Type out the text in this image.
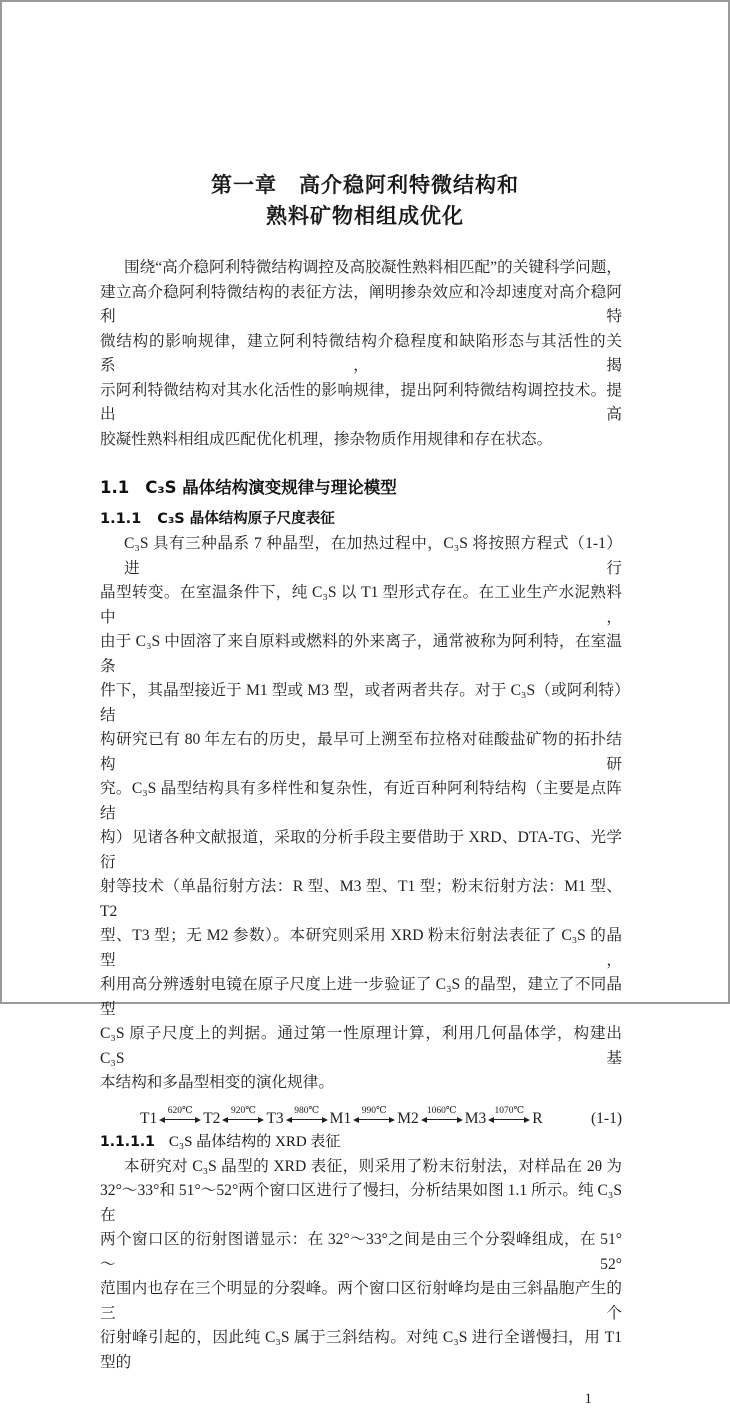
第一章　高介稳阿利特微结构和
熟料矿物相组成优化
围绕“高介稳阿利特微结构调控及高胶凝性熟料相匹配”的关键科学问题，
建立高介稳阿利特微结构的表征方法，阐明掺杂效应和冷却速度对高介稳阿利特
微结构的影响规律，建立阿利特微结构介稳程度和缺陷形态与其活性的关系，揭
示阿利特微结构对其水化活性的影响规律，提出阿利特微结构调控技术。提出高
胶凝性熟料相组成匹配优化机理，掺杂物质作用规律和存在状态。
1.1 C₃S 晶体结构演变规律与理论模型
1.1.1 C₃S 晶体结构原子尺度表征
C₃S 具有三种晶系 7 种晶型，在加热过程中，C₃S 将按照方程式（1-1）进行
晶型转变。在室温条件下，纯 C₃S 以 T1 型形式存在。在工业生产水泥熟料中，
由于 C₃S 中固溶了来自原料或燃料的外来离子，通常被称为阿利特，在室温条
件下，其晶型接近于 M1 型或 M3 型，或者两者共存。对于 C₃S（或阿利特）结
构研究已有 80 年左右的历史，最早可上溯至布拉格对硅酸盐矿物的拓扑结构研
究。C₃S 晶型结构具有多样性和复杂性，有近百种阿利特结构（主要是点阵结
构）见诸各种文献报道，采取的分析手段主要借助于 XRD、DTA-TG、光学衍
射等技术（单晶衍射方法：R 型、M3 型、T1 型；粉末衍射方法：M1 型、T2
型、T3 型；无 M2 参数）。本研究则采用 XRD 粉末衍射法表征了 C₃S 的晶型，
利用高分辨透射电镜在原子尺度上进一步验证了 C₃S 的晶型，建立了不同晶型
C₃S 原子尺度上的判据。通过第一性原理计算，利用几何晶体学，构建出 C₃S 基
本结构和多晶型相变的演化规律。
T1 620℃ T2 920℃ T3 980℃ M1 990℃ M2 1060℃ M3 1070℃ R	(1-1)
1.1.1.1 C₃S 晶体结构的 XRD 表征
本研究对 C₃S 晶型的 XRD 表征，则采用了粉末衍射法，对样品在 2θ 为
32°～33°和 51°～52°两个窗口区进行了慢扫，分析结果如图 1.1 所示。纯 C₃S 在
两个窗口区的衍射图谱显示：在 32°～33°之间是由三个分裂峰组成，在 51°～52°
范围内也存在三个明显的分裂峰。两个窗口区衍射峰均是由三斜晶胞产生的三个
衍射峰引起的，因此纯 C₃S 属于三斜结构。对纯 C₃S 进行全谱慢扫，用 T1 型的
1
